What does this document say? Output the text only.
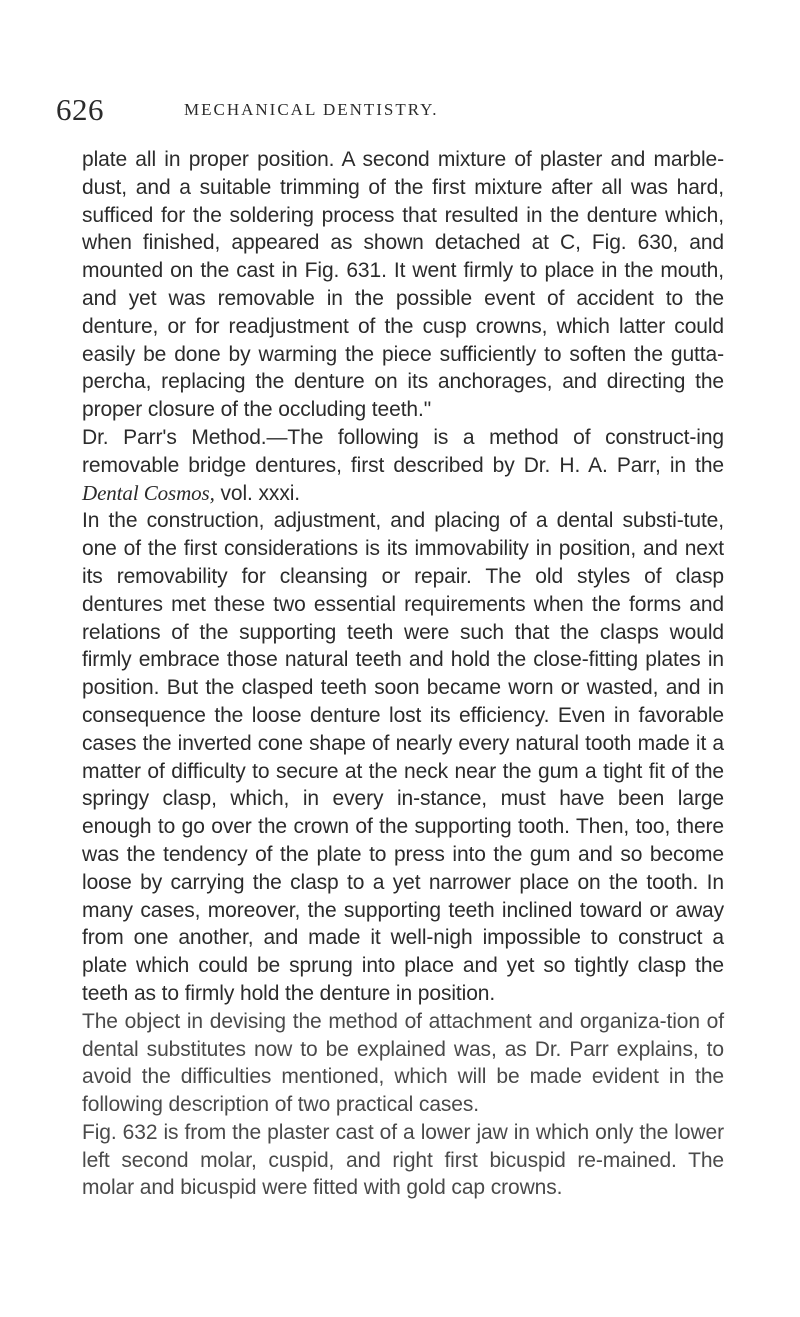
626	MECHANICAL DENTISTRY.

plate all in proper position. A second mixture of plaster and marble-dust, and a suitable trimming of the first mixture after all was hard, sufficed for the soldering process that resulted in the denture which, when finished, appeared as shown detached at C, Fig. 630, and mounted on the cast in Fig. 631. It went firmly to place in the mouth, and yet was removable in the possible event of accident to the denture, or for readjustment of the cusp crowns, which latter could easily be done by warming the piece sufficiently to soften the gutta-percha, replacing the denture on its anchorages, and directing the proper closure of the occluding teeth."

Dr. Parr's Method.—The following is a method of construct-ing removable bridge dentures, first described by Dr. H. A. Parr, in the Dental Cosmos, vol. xxxi.

In the construction, adjustment, and placing of a dental substi-tute, one of the first considerations is its immovability in position, and next its removability for cleansing or repair. The old styles of clasp dentures met these two essential requirements when the forms and relations of the supporting teeth were such that the clasps would firmly embrace those natural teeth and hold the close-fitting plates in position. But the clasped teeth soon became worn or wasted, and in consequence the loose denture lost its efficiency. Even in favorable cases the inverted cone shape of nearly every natural tooth made it a matter of difficulty to secure at the neck near the gum a tight fit of the springy clasp, which, in every in-stance, must have been large enough to go over the crown of the supporting tooth. Then, too, there was the tendency of the plate to press into the gum and so become loose by carrying the clasp to a yet narrower place on the tooth. In many cases, moreover, the supporting teeth inclined toward or away from one another, and made it well-nigh impossible to construct a plate which could be sprung into place and yet so tightly clasp the teeth as to firmly hold the denture in position.

The object in devising the method of attachment and organiza-tion of dental substitutes now to be explained was, as Dr. Parr explains, to avoid the difficulties mentioned, which will be made evident in the following description of two practical cases.

Fig. 632 is from the plaster cast of a lower jaw in which only the lower left second molar, cuspid, and right first bicuspid re-mained. The molar and bicuspid were fitted with gold cap crowns.
